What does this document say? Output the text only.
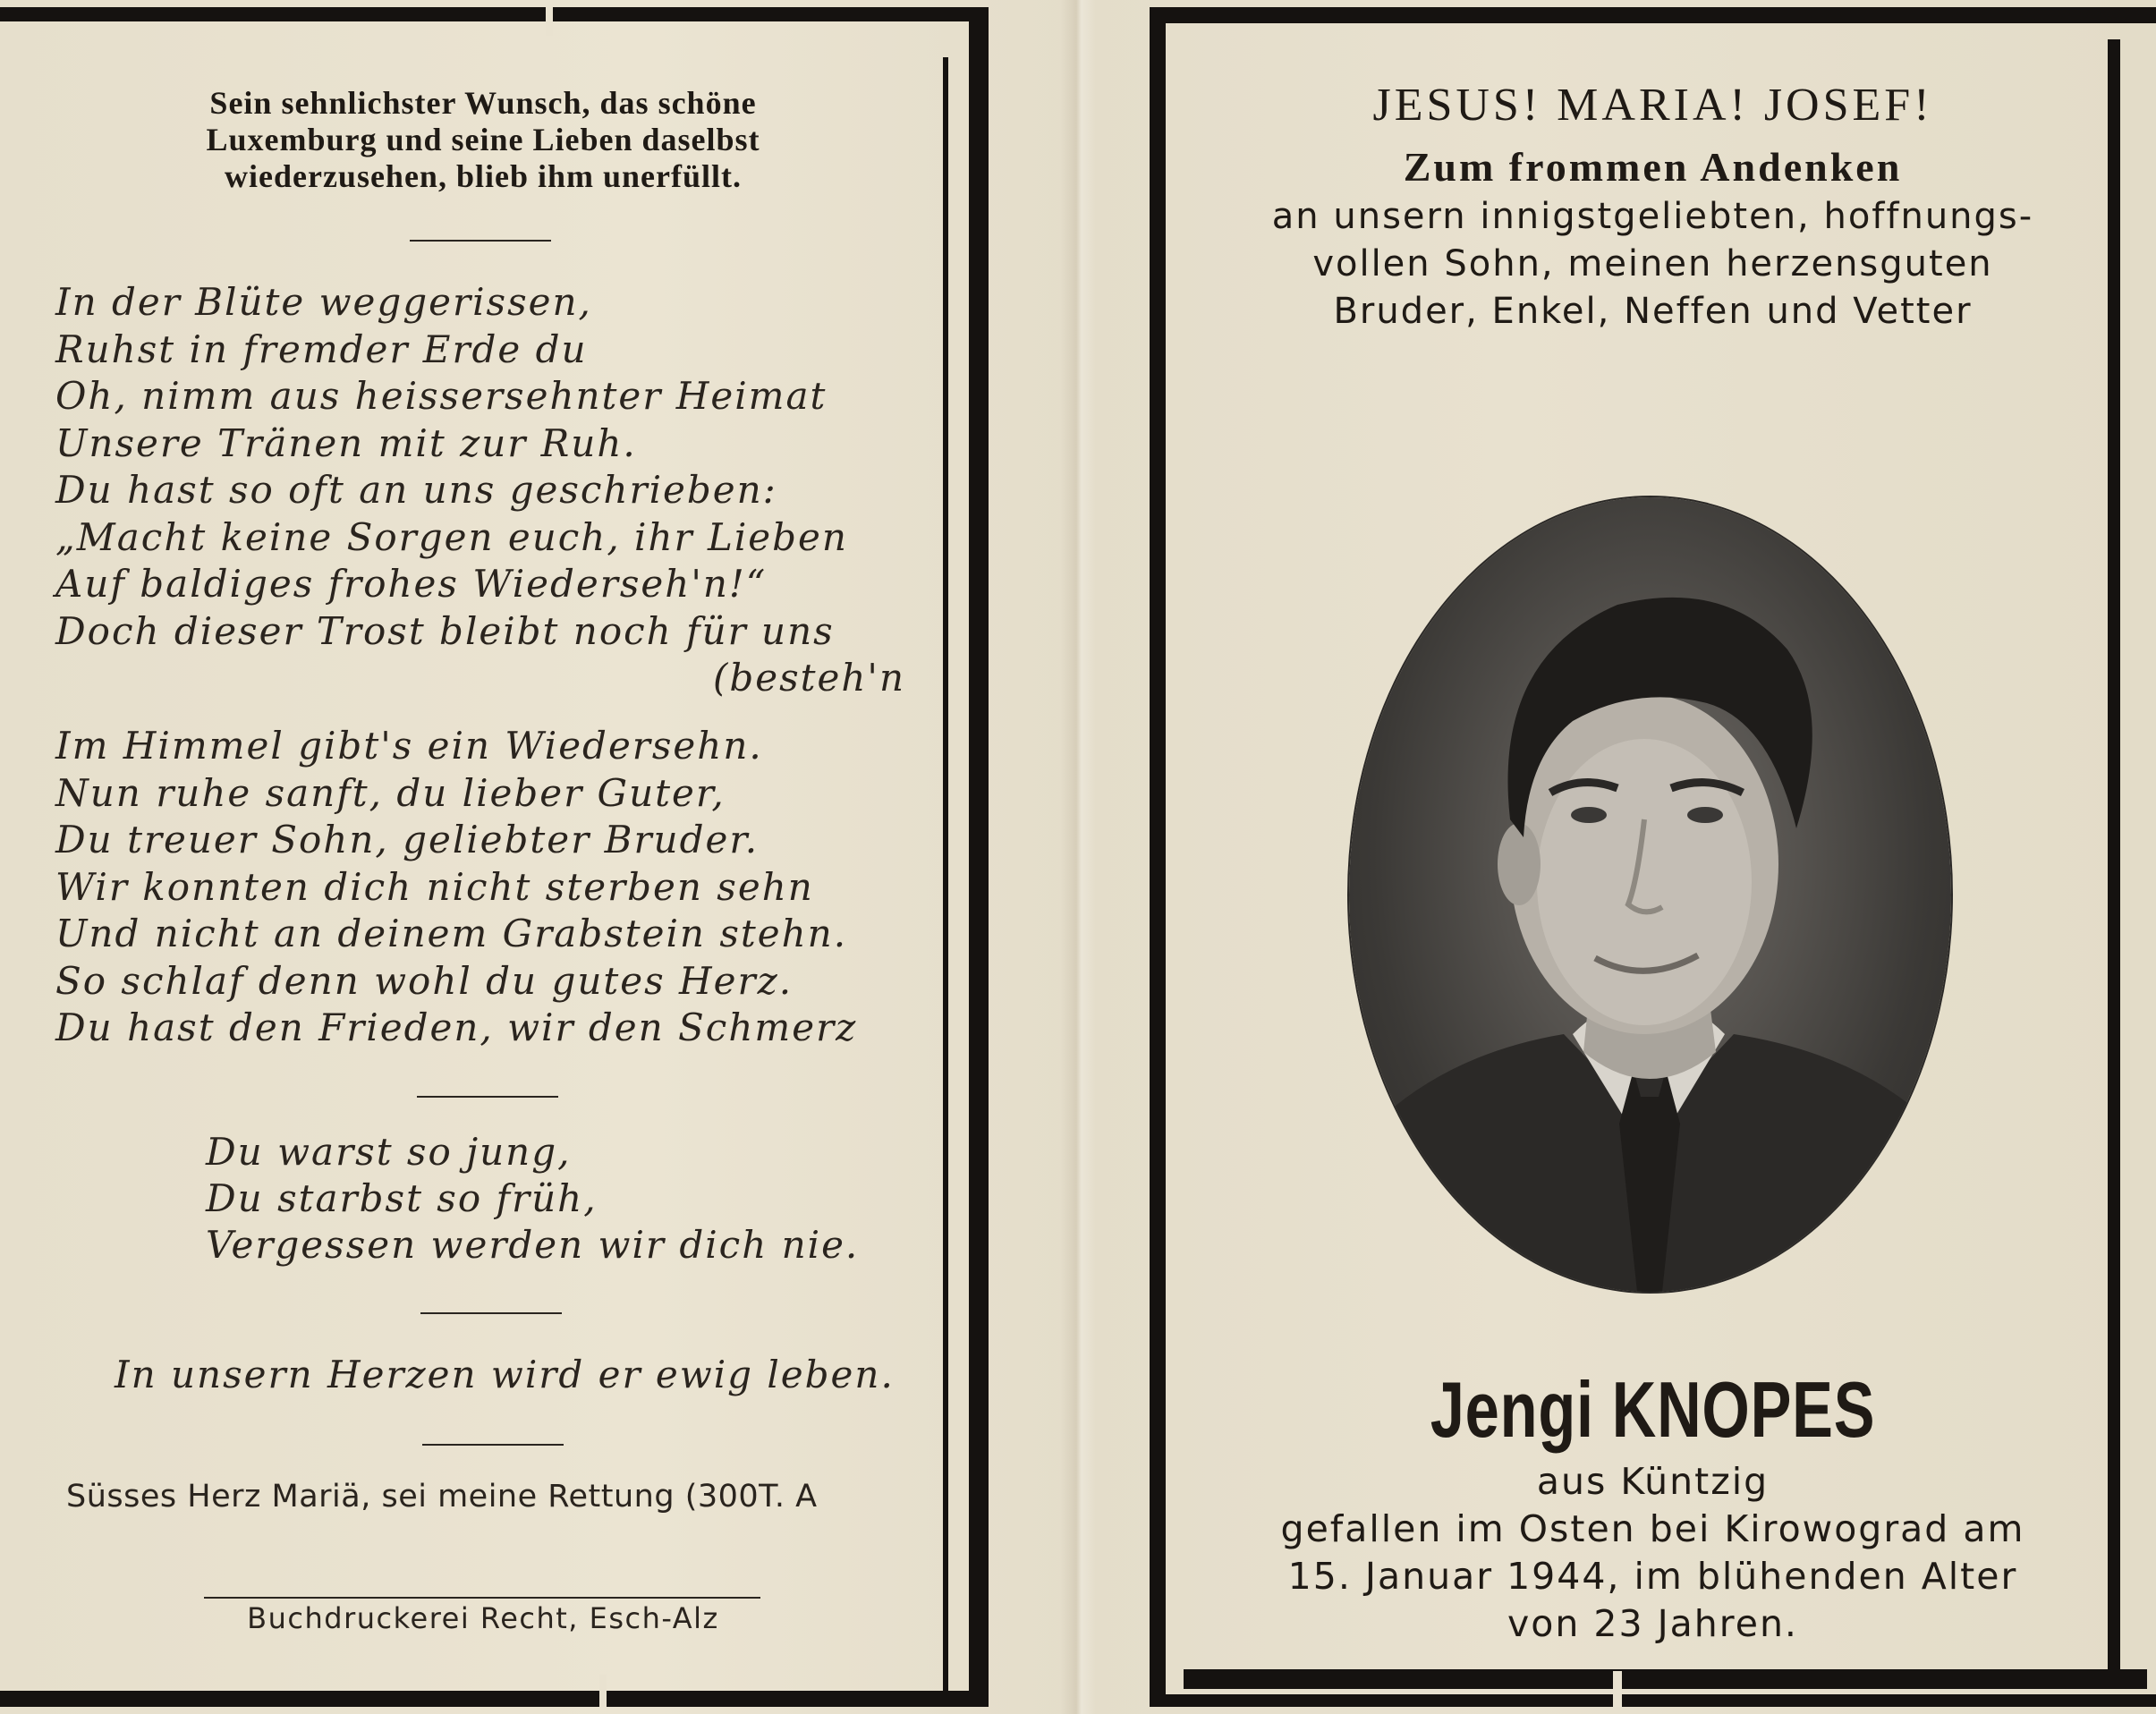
Sein sehnlichster Wunsch, das schöne
Luxemburg und seine Lieben daselbst
wiederzusehen, blieb ihm unerfüllt.
In der Blüte weggerissen,
Ruhst in fremder Erde du
Oh, nimm aus heissersehnter Heimat
Unsere Tränen mit zur Ruh.
Du hast so oft an uns geschrieben:
„Macht keine Sorgen euch, ihr Lieben
Auf baldiges frohes Wiederseh'n!“
Doch dieser Trost bleibt noch für uns
(besteh'n
Im Himmel gibt's ein Wiedersehn.
Nun ruhe sanft, du lieber Guter,
Du treuer Sohn, geliebter Bruder.
Wir konnten dich nicht sterben sehn
Und nicht an deinem Grabstein stehn.
So schlaf denn wohl du gutes Herz.
Du hast den Frieden, wir den Schmerz
Du warst so jung,
Du starbst so früh,
Vergessen werden wir dich nie.
In unsern Herzen wird er ewig leben.
Süsses Herz Mariä, sei meine Rettung (300T. A
Buchdruckerei Recht, Esch-Alz
JESUS! MARIA! JOSEF!
Zum frommen Andenken
an unsern innigstgeliebten, hoffnungs-
vollen Sohn, meinen herzensguten
Bruder, Enkel, Neffen und Vetter
Jengi KNOPES
aus Küntzig
gefallen im Osten bei Kirowograd am
15. Januar 1944, im blühenden Alter
von 23 Jahren.
